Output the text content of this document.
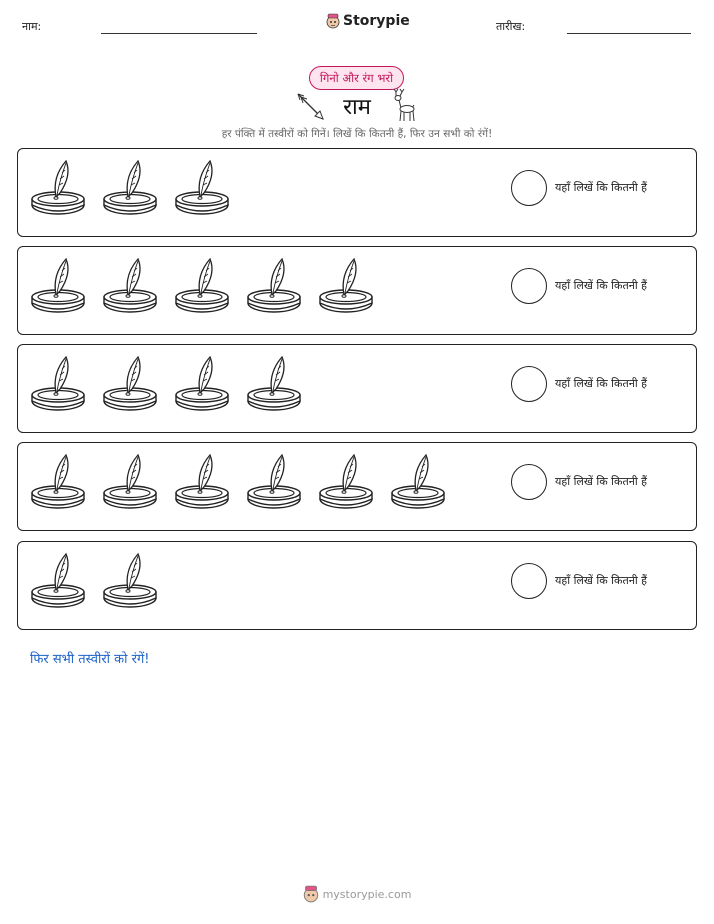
नाम:	Storypie	तारीख:
गिनो और रंग भरो
राम
हर पंक्ति में तस्वीरों को गिनें। लिखें कि कितनी हैं, फिर उन सभी को रंगें!
यहाँ लिखें कि कितनी हैं
यहाँ लिखें कि कितनी हैं
यहाँ लिखें कि कितनी हैं
यहाँ लिखें कि कितनी हैं
यहाँ लिखें कि कितनी हैं
फिर सभी तस्वीरों को रंगें!
mystorypie.com
